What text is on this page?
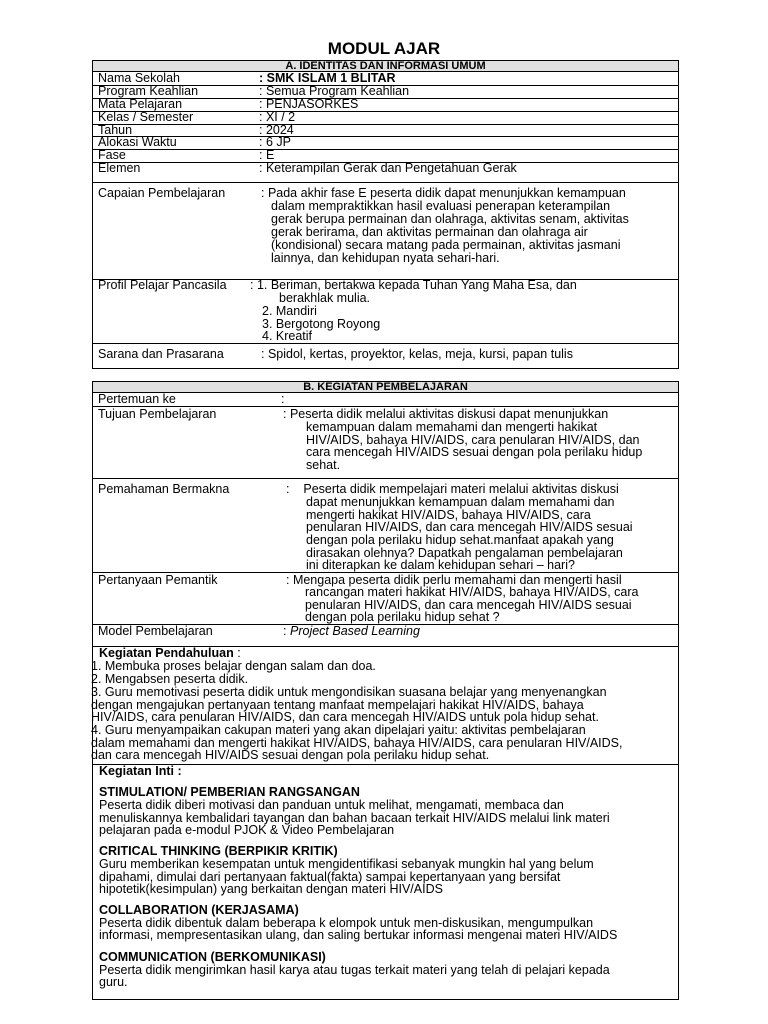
MODUL AJAR
A. IDENTITAS DAN INFORMASI UMUM
Nama Sekolah	: SMK ISLAM 1 BLITAR
Program Keahlian	: Semua Program Keahlian
Mata Pelajaran	: PENJASORKES
Kelas / Semester	: XI / 2
Tahun	: 2024
Alokasi Waktu	: 6 JP
Fase	: E
Elemen	: Keterampilan Gerak dan Pengetahuan Gerak
Capaian Pembelajaran	: Pada akhir fase E peserta didik dapat menunjukkan kemampuan
dalam mempraktikkan hasil evaluasi penerapan keterampilan
gerak berupa permainan dan olahraga, aktivitas senam, aktivitas
gerak berirama, dan aktivitas permainan dan olahraga air
(kondisional) secara matang pada permainan, aktivitas jasmani
lainnya, dan kehidupan nyata sehari-hari.
Profil Pelajar Pancasila : 1. Beriman, bertakwa kepada Tuhan Yang Maha Esa, dan
berakhlak mulia.
2. Mandiri
3. Bergotong Royong
4. Kreatif
Sarana dan Prasarana	: Spidol, kertas, proyektor, kelas, meja, kursi, papan tulis
B. KEGIATAN PEMBELAJARAN
Pertemuan ke	:
Tujuan Pembelajaran	: Peserta didik melalui aktivitas diskusi dapat menunjukkan
kemampuan dalam memahami dan mengerti hakikat
HIV/AIDS, bahaya HIV/AIDS, cara penularan HIV/AIDS, dan
cara mencegah HIV/AIDS sesuai dengan pola perilaku hidup
sehat.
Pemahaman Bermakna	:    Peserta didik mempelajari materi melalui aktivitas diskusi
dapat menunjukkan kemampuan dalam memahami dan
mengerti hakikat HIV/AIDS, bahaya HIV/AIDS, cara
penularan HIV/AIDS, dan cara mencegah HIV/AIDS sesuai
dengan pola perilaku hidup sehat.manfaat apakah yang
dirasakan olehnya? Dapatkah pengalaman pembelajaran
ini diterapkan ke dalam kehidupan sehari – hari?
Pertanyaan Pemantik	: Mengapa peserta didik perlu memahami dan mengerti hasil
rancangan materi hakikat HIV/AIDS, bahaya HIV/AIDS, cara
penularan HIV/AIDS, dan cara mencegah HIV/AIDS sesuai
dengan pola perilaku hidup sehat ?
Model Pembelajaran	: Project Based Learning
Kegiatan Pendahuluan :
1. Membuka proses belajar dengan salam dan doa.
2. Mengabsen peserta didik.
3. Guru memotivasi peserta didik untuk mengondisikan suasana belajar yang menyenangkan
dengan mengajukan pertanyaan tentang manfaat mempelajari hakikat HIV/AIDS, bahaya
HIV/AIDS, cara penularan HIV/AIDS, dan cara mencegah HIV/AIDS untuk pola hidup sehat.
4. Guru menyampaikan cakupan materi yang akan dipelajari yaitu: aktivitas pembelajaran
dalam memahami dan mengerti hakikat HIV/AIDS, bahaya HIV/AIDS, cara penularan HIV/AIDS,
dan cara mencegah HIV/AIDS sesuai dengan pola perilaku hidup sehat.
Kegiatan Inti :
STIMULATION/ PEMBERIAN RANGSANGAN
Peserta didik diberi motivasi dan panduan untuk melihat, mengamati, membaca dan
menuliskannya kembalidari tayangan dan bahan bacaan terkait HIV/AIDS melalui link materi
pelajaran pada e-modul PJOK & Video Pembelajaran
CRITICAL THINKING (BERPIKIR KRITIK)
Guru memberikan kesempatan untuk mengidentifikasi sebanyak mungkin hal yang belum
dipahami, dimulai dari pertanyaan faktual(fakta) sampai kepertanyaan yang bersifat
hipotetik(kesimpulan) yang berkaitan dengan materi HIV/AIDS
COLLABORATION (KERJASAMA)
Peserta didik dibentuk dalam beberapa k elompok untuk men-diskusikan, mengumpulkan
informasi, mempresentasikan ulang, dan saling bertukar informasi mengenai materi HIV/AIDS
COMMUNICATION (BERKOMUNIKASI)
Peserta didik mengirimkan hasil karya atau tugas terkait materi yang telah di pelajari kepada
guru.
